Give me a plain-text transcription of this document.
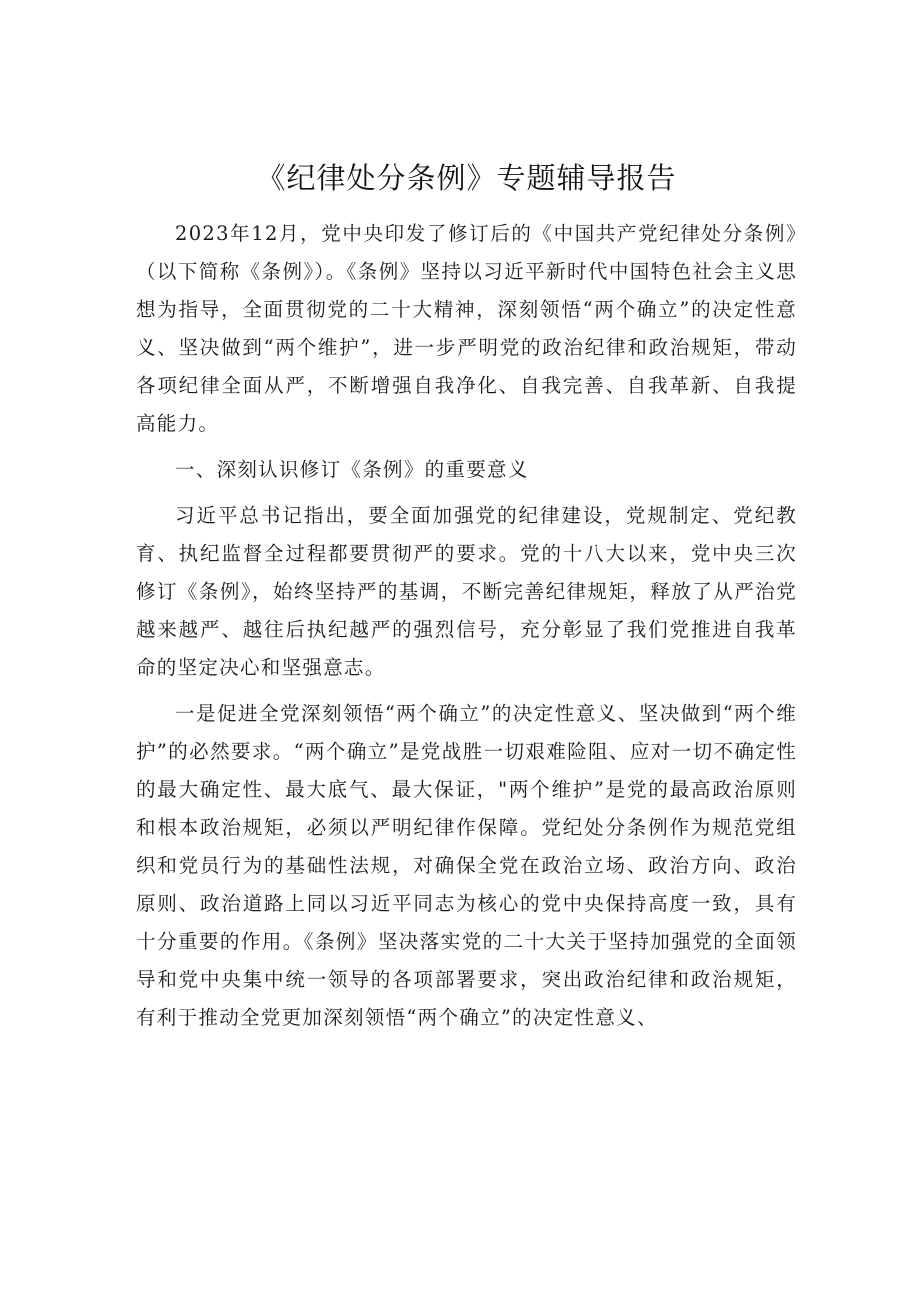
《纪律处分条例》专题辅导报告

2023年12月，党中央印发了修订后的《中国共产党纪律处分条例》（以下简称《条例》）。《条例》坚持以习近平新时代中国特色社会主义思想为指导，全面贯彻党的二十大精神，深刻领悟“两个确立”的决定性意义、坚决做到“两个维护”，进一步严明党的政治纪律和政治规矩，带动各项纪律全面从严，不断增强自我净化、自我完善、自我革新、自我提高能力。

一、深刻认识修订《条例》的重要意义

习近平总书记指出，要全面加强党的纪律建设，党规制定、党纪教育、执纪监督全过程都要贯彻严的要求。党的十八大以来，党中央三次修订《条例》，始终坚持严的基调，不断完善纪律规矩，释放了从严治党越来越严、越往后执纪越严的强烈信号，充分彰显了我们党推进自我革命的坚定决心和坚强意志。

一是促进全党深刻领悟“两个确立”的决定性意义、坚决做到“两个维护”的必然要求。“两个确立”是党战胜一切艰难险阻、应对一切不确定性的最大确定性、最大底气、最大保证，"两个维护”是党的最高政治原则和根本政治规矩，必须以严明纪律作保障。党纪处分条例作为规范党组织和党员行为的基础性法规，对确保全党在政治立场、政治方向、政治原则、政治道路上同以习近平同志为核心的党中央保持高度一致，具有十分重要的作用。《条例》坚决落实党的二十大关于坚持加强党的全面领导和党中央集中统一领导的各项部署要求，突出政治纪律和政治规矩，有利于推动全党更加深刻领悟“两个确立”的决定性意义、
